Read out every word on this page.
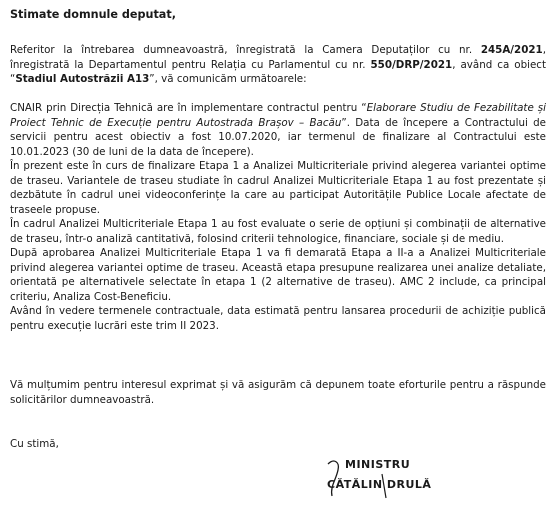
Stimate domnule deputat,
Referitor la întrebarea dumneavoastră, înregistrată la Camera Deputaților cu nr. 245A/2021, înregistrată la Departamentul pentru Relația cu Parlamentul cu nr. 550/DRP/2021, având ca obiect “Stadiul Autostrăzii A13”, vă comunicăm următoarele:
CNAIR prin Direcția Tehnică are în implementare contractul pentru “Elaborare Studiu de Fezabilitate și Proiect Tehnic de Execuție pentru Autostrada Brașov – Bacău”. Data de începere a Contractului de servicii pentru acest obiectiv a fost 10.07.2020, iar termenul de finalizare al Contractului este 10.01.2023 (30 de luni de la data de începere).
În prezent este în curs de finalizare Etapa 1 a Analizei Multicriteriale privind alegerea variantei optime de traseu. Variantele de traseu studiate în cadrul Analizei Multicriteriale Etapa 1 au fost prezentate și dezbătute în cadrul unei videoconferințe la care au participat Autoritățile Publice Locale afectate de traseele propuse.
În cadrul Analizei Multicriteriale Etapa 1 au fost evaluate o serie de opțiuni și combinații de alternative de traseu, într-o analiză cantitativă, folosind criterii tehnologice, financiare, sociale și de mediu.
După aprobarea Analizei Multicriteriale Etapa 1 va fi demarată Etapa a II-a a Analizei Multicriteriale privind alegerea variantei optime de traseu. Această etapa presupune realizarea unei analize detaliate, orientată pe alternativele selectate în etapa 1 (2 alternative de traseu). AMC 2 include, ca principal criteriu, Analiza Cost-Beneficiu.
Având în vedere termenele contractuale, data estimată pentru lansarea procedurii de achiziție publică pentru execuție lucrări este trim II 2023.
Vă mulțumim pentru interesul exprimat și vă asigurăm că depunem toate eforturile pentru a răspunde solicitărilor dumneavoastră.
Cu stimă,
MINISTRU
CĂTĂLIN DRULĂ
